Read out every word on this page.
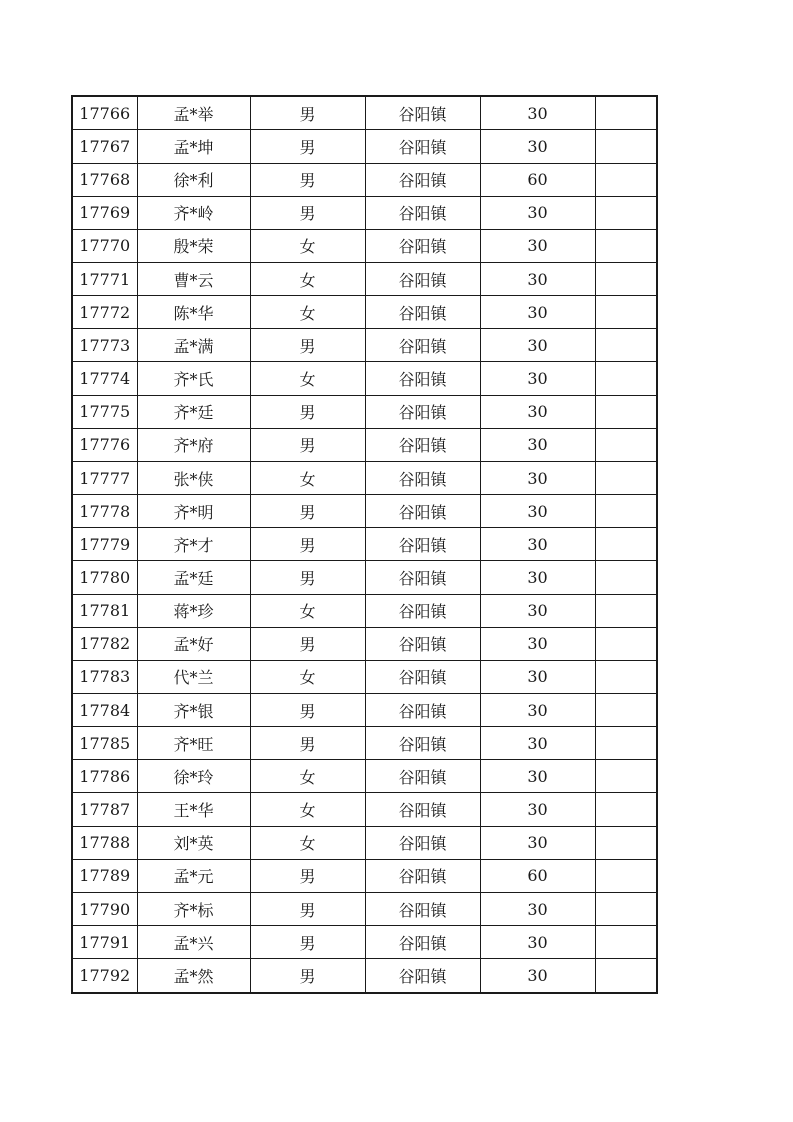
17766	孟*举	男	谷阳镇	30	
17767	孟*坤	男	谷阳镇	30	
17768	徐*利	男	谷阳镇	60	
17769	齐*岭	男	谷阳镇	30	
17770	殷*荣	女	谷阳镇	30	
17771	曹*云	女	谷阳镇	30	
17772	陈*华	女	谷阳镇	30	
17773	孟*满	男	谷阳镇	30	
17774	齐*氏	女	谷阳镇	30	
17775	齐*廷	男	谷阳镇	30	
17776	齐*府	男	谷阳镇	30	
17777	张*侠	女	谷阳镇	30	
17778	齐*明	男	谷阳镇	30	
17779	齐*才	男	谷阳镇	30	
17780	孟*廷	男	谷阳镇	30	
17781	蒋*珍	女	谷阳镇	30	
17782	孟*好	男	谷阳镇	30	
17783	代*兰	女	谷阳镇	30	
17784	齐*银	男	谷阳镇	30	
17785	齐*旺	男	谷阳镇	30	
17786	徐*玲	女	谷阳镇	30	
17787	王*华	女	谷阳镇	30	
17788	刘*英	女	谷阳镇	30	
17789	孟*元	男	谷阳镇	60	
17790	齐*标	男	谷阳镇	30	
17791	孟*兴	男	谷阳镇	30	
17792	孟*然	男	谷阳镇	30	
